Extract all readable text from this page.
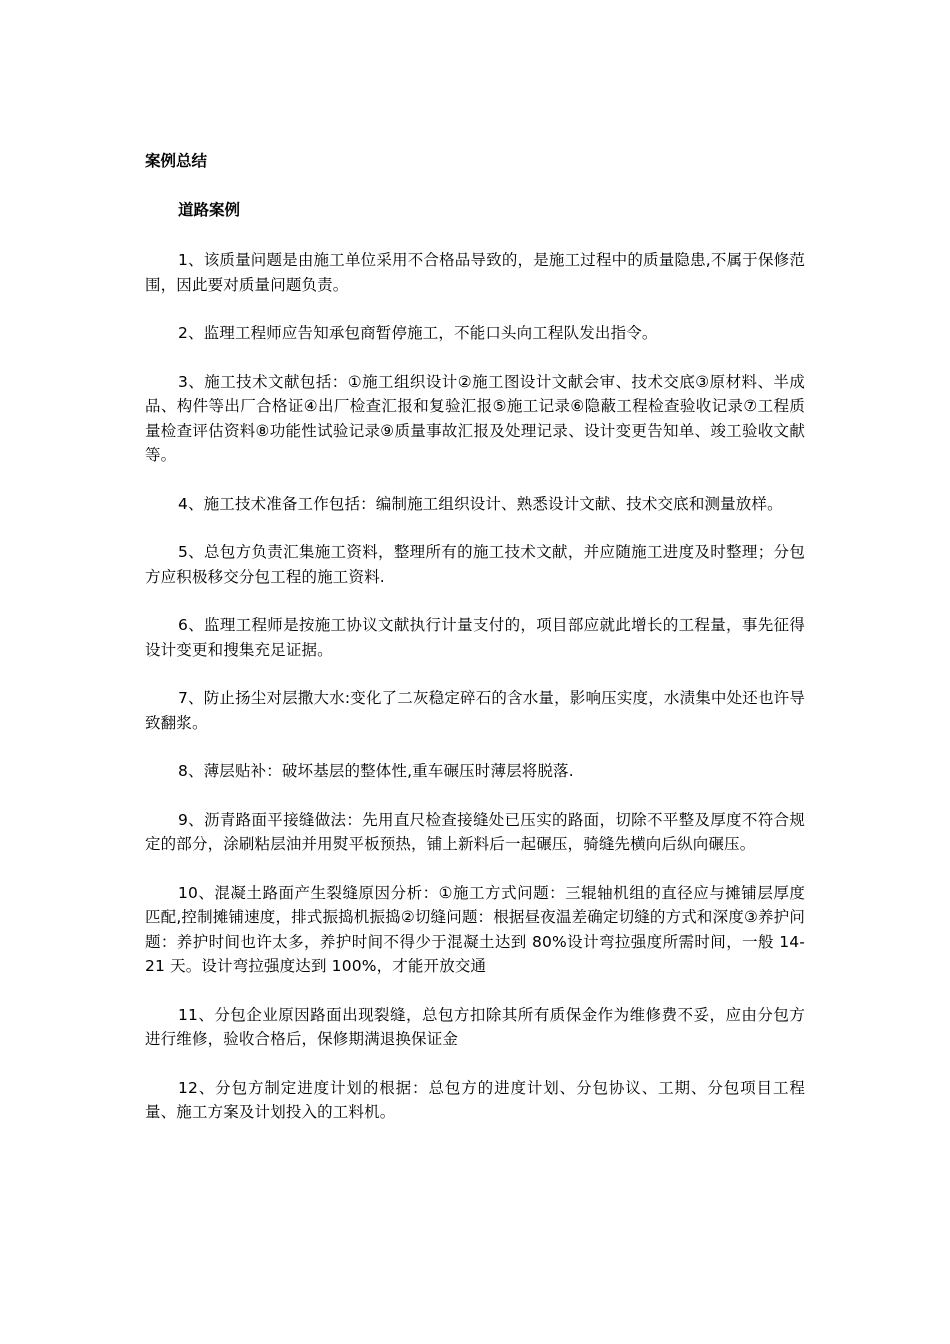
案例总结
道路案例

1、该质量问题是由施工单位采用不合格品导致的，是施工过程中的质量隐患,不属于保修范围，因此要对质量问题负责。

2、监理工程师应告知承包商暂停施工，不能口头向工程队发出指令。

3、施工技术文献包括：①施工组织设计②施工图设计文献会审、技术交底③原材料、半成品、构件等出厂合格证④出厂检查汇报和复验汇报⑤施工记录⑥隐蔽工程检查验收记录⑦工程质量检查评估资料⑧功能性试验记录⑨质量事故汇报及处理记录、设计变更告知单、竣工验收文献等。

4、施工技术准备工作包括：编制施工组织设计、熟悉设计文献、技术交底和测量放样。

5、总包方负责汇集施工资料，整理所有的施工技术文献，并应随施工进度及时整理；分包方应积极移交分包工程的施工资料.

6、监理工程师是按施工协议文献执行计量支付的，项目部应就此增长的工程量，事先征得设计变更和搜集充足证据。

7、防止扬尘对层撒大水:变化了二灰稳定碎石的含水量，影响压实度，水渍集中处还也许导致翻浆。

8、薄层贴补：破坏基层的整体性,重车碾压时薄层将脱落.

9、沥青路面平接缝做法：先用直尺检查接缝处已压实的路面，切除不平整及厚度不符合规定的部分，涂刷粘层油并用熨平板预热，铺上新料后一起碾压，骑缝先横向后纵向碾压。

10、混凝土路面产生裂缝原因分析：①施工方式问题：三辊轴机组的直径应与摊铺层厚度匹配,控制摊铺速度，排式振捣机振捣②切缝问题：根据昼夜温差确定切缝的方式和深度③养护问题：养护时间也许太多，养护时间不得少于混凝土达到 80%设计弯拉强度所需时间，一般 14-21 天。设计弯拉强度达到 100%，才能开放交通

11、分包企业原因路面出现裂缝，总包方扣除其所有质保金作为维修费不妥，应由分包方进行维修，验收合格后，保修期满退换保证金

12、分包方制定进度计划的根据：总包方的进度计划、分包协议、工期、分包项目工程量、施工方案及计划投入的工料机。
